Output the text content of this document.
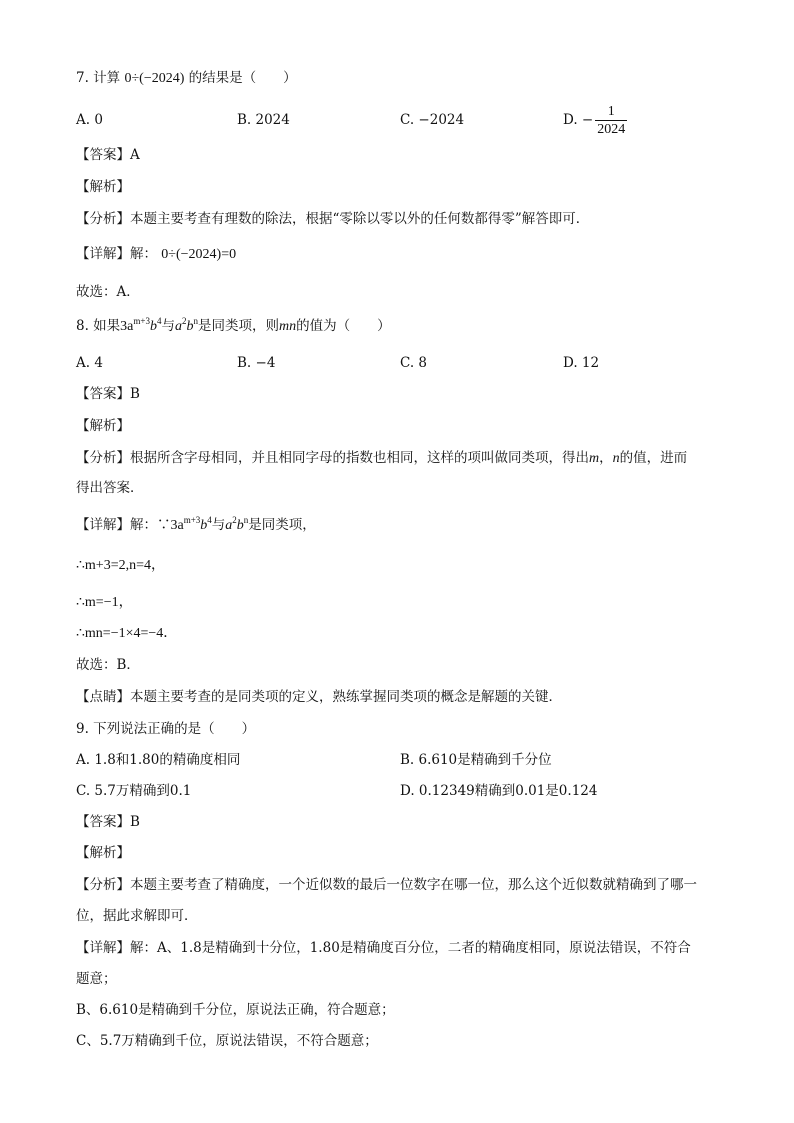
7. 计算 0÷(−2024) 的结果是（　　）
A. 0	B. 2024	C. −2024	D. − $\frac{1}{2024}$
【答案】A
【解析】
【分析】本题主要考查有理数的除法，根据“零除以零以外的任何数都得零”解答即可．
【详解】解： 0÷(−2024)=0
故选：A．
8. 如果$3a^{m+3}b^4$与$a^2b^n$是同类项，则mn的值为（　　）
A. 4	B. −4	C. 8	D. 12
【答案】B
【解析】
【分析】根据所含字母相同，并且相同字母的指数也相同，这样的项叫做同类项，得出m，n的值，进而
得出答案．
【详解】解：$\because 3a^{m+3}b^4$与$a^2b^n$是同类项，
∴m+3=2,n=4，
∴m=−1，
∴mn=−1×4=−4．
故选：B．
【点睛】本题主要考查的是同类项的定义，熟练掌握同类项的概念是解题的关键．
9. 下列说法正确的是（　　）
A. 1.8和1.80的精确度相同	B. 6.610是精确到千分位
C. 5.7万精确到0.1	D. 0.12349精确到0.01是0.124
【答案】B
【解析】
【分析】本题主要考查了精确度，一个近似数的最后一位数字在哪一位，那么这个近似数就精确到了哪一
位，据此求解即可．
【详解】解：A、1.8是精确到十分位，1.80是精确度百分位，二者的精确度相同，原说法错误，不符合
题意；
B、6.610是精确到千分位，原说法正确，符合题意；
C、5.7万精确到千位，原说法错误，不符合题意；
